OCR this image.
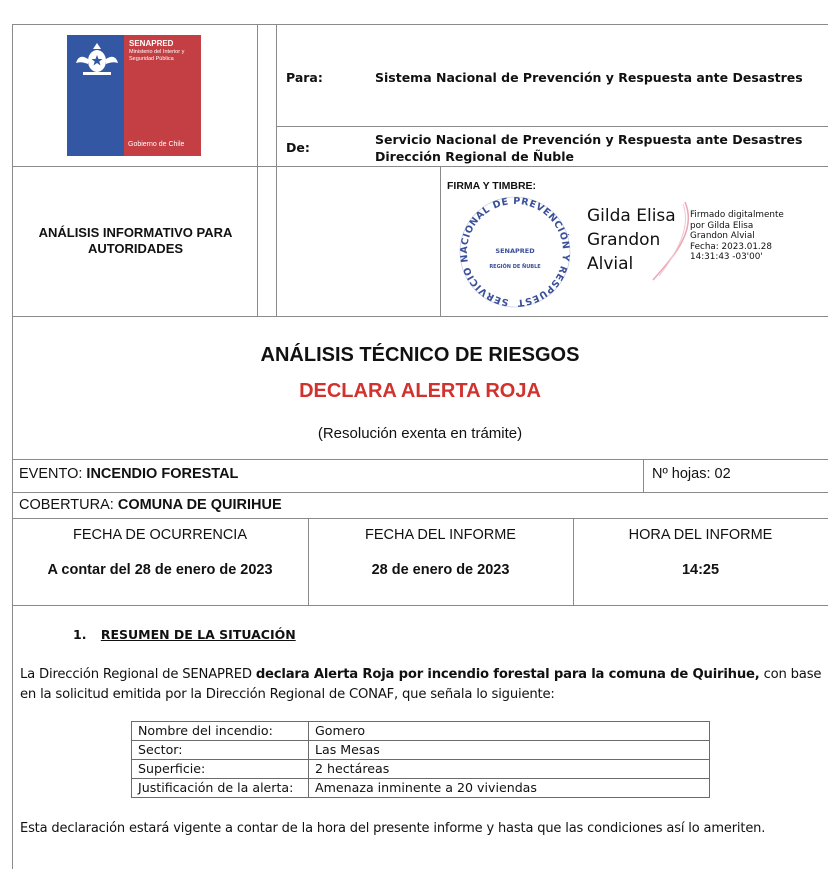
SENAPRED
Ministerio del Interior y Seguridad Pública
Gobierno de Chile
Para:	Sistema Nacional de Prevención y Respuesta ante Desastres
De:
Servicio Nacional de Prevención y Respuesta ante Desastres
Dirección Regional de Ñuble
ANÁLISIS INFORMATIVO PARA AUTORIDADES
FIRMA Y TIMBRE:
SERVICIO NACIONAL DE PREVENCIÓN Y RESPUEST
SENAPRED
REGIÓN DE ÑUBLE
Gilda Elisa
Grandon
Alvial
Firmado digitalmente
por Gilda Elisa
Grandon Alvial
Fecha: 2023.01.28
14:31:43 -03'00'
ANÁLISIS TÉCNICO DE RIESGOS
DECLARA ALERTA ROJA
(Resolución exenta en trámite)
EVENTO: INCENDIO FORESTAL	Nº hojas: 02
COBERTURA: COMUNA DE QUIRIHUE
FECHA DE OCURRENCIA
A contar del 28 de enero de 2023
FECHA DEL INFORME
28 de enero de 2023
HORA DEL INFORME
14:25
1. RESUMEN DE LA SITUACIÓN
La Dirección Regional de SENAPRED declara Alerta Roja por incendio forestal para la comuna de Quirihue, con base en la solicitud emitida por la Dirección Regional de CONAF, que señala lo siguiente:
Nombre del incendio:	Gomero
Sector:	Las Mesas
Superficie:	2 hectáreas
Justificación de la alerta:	Amenaza inminente a 20 viviendas
Esta declaración estará vigente a contar de la hora del presente informe y hasta que las condiciones así lo ameriten.
